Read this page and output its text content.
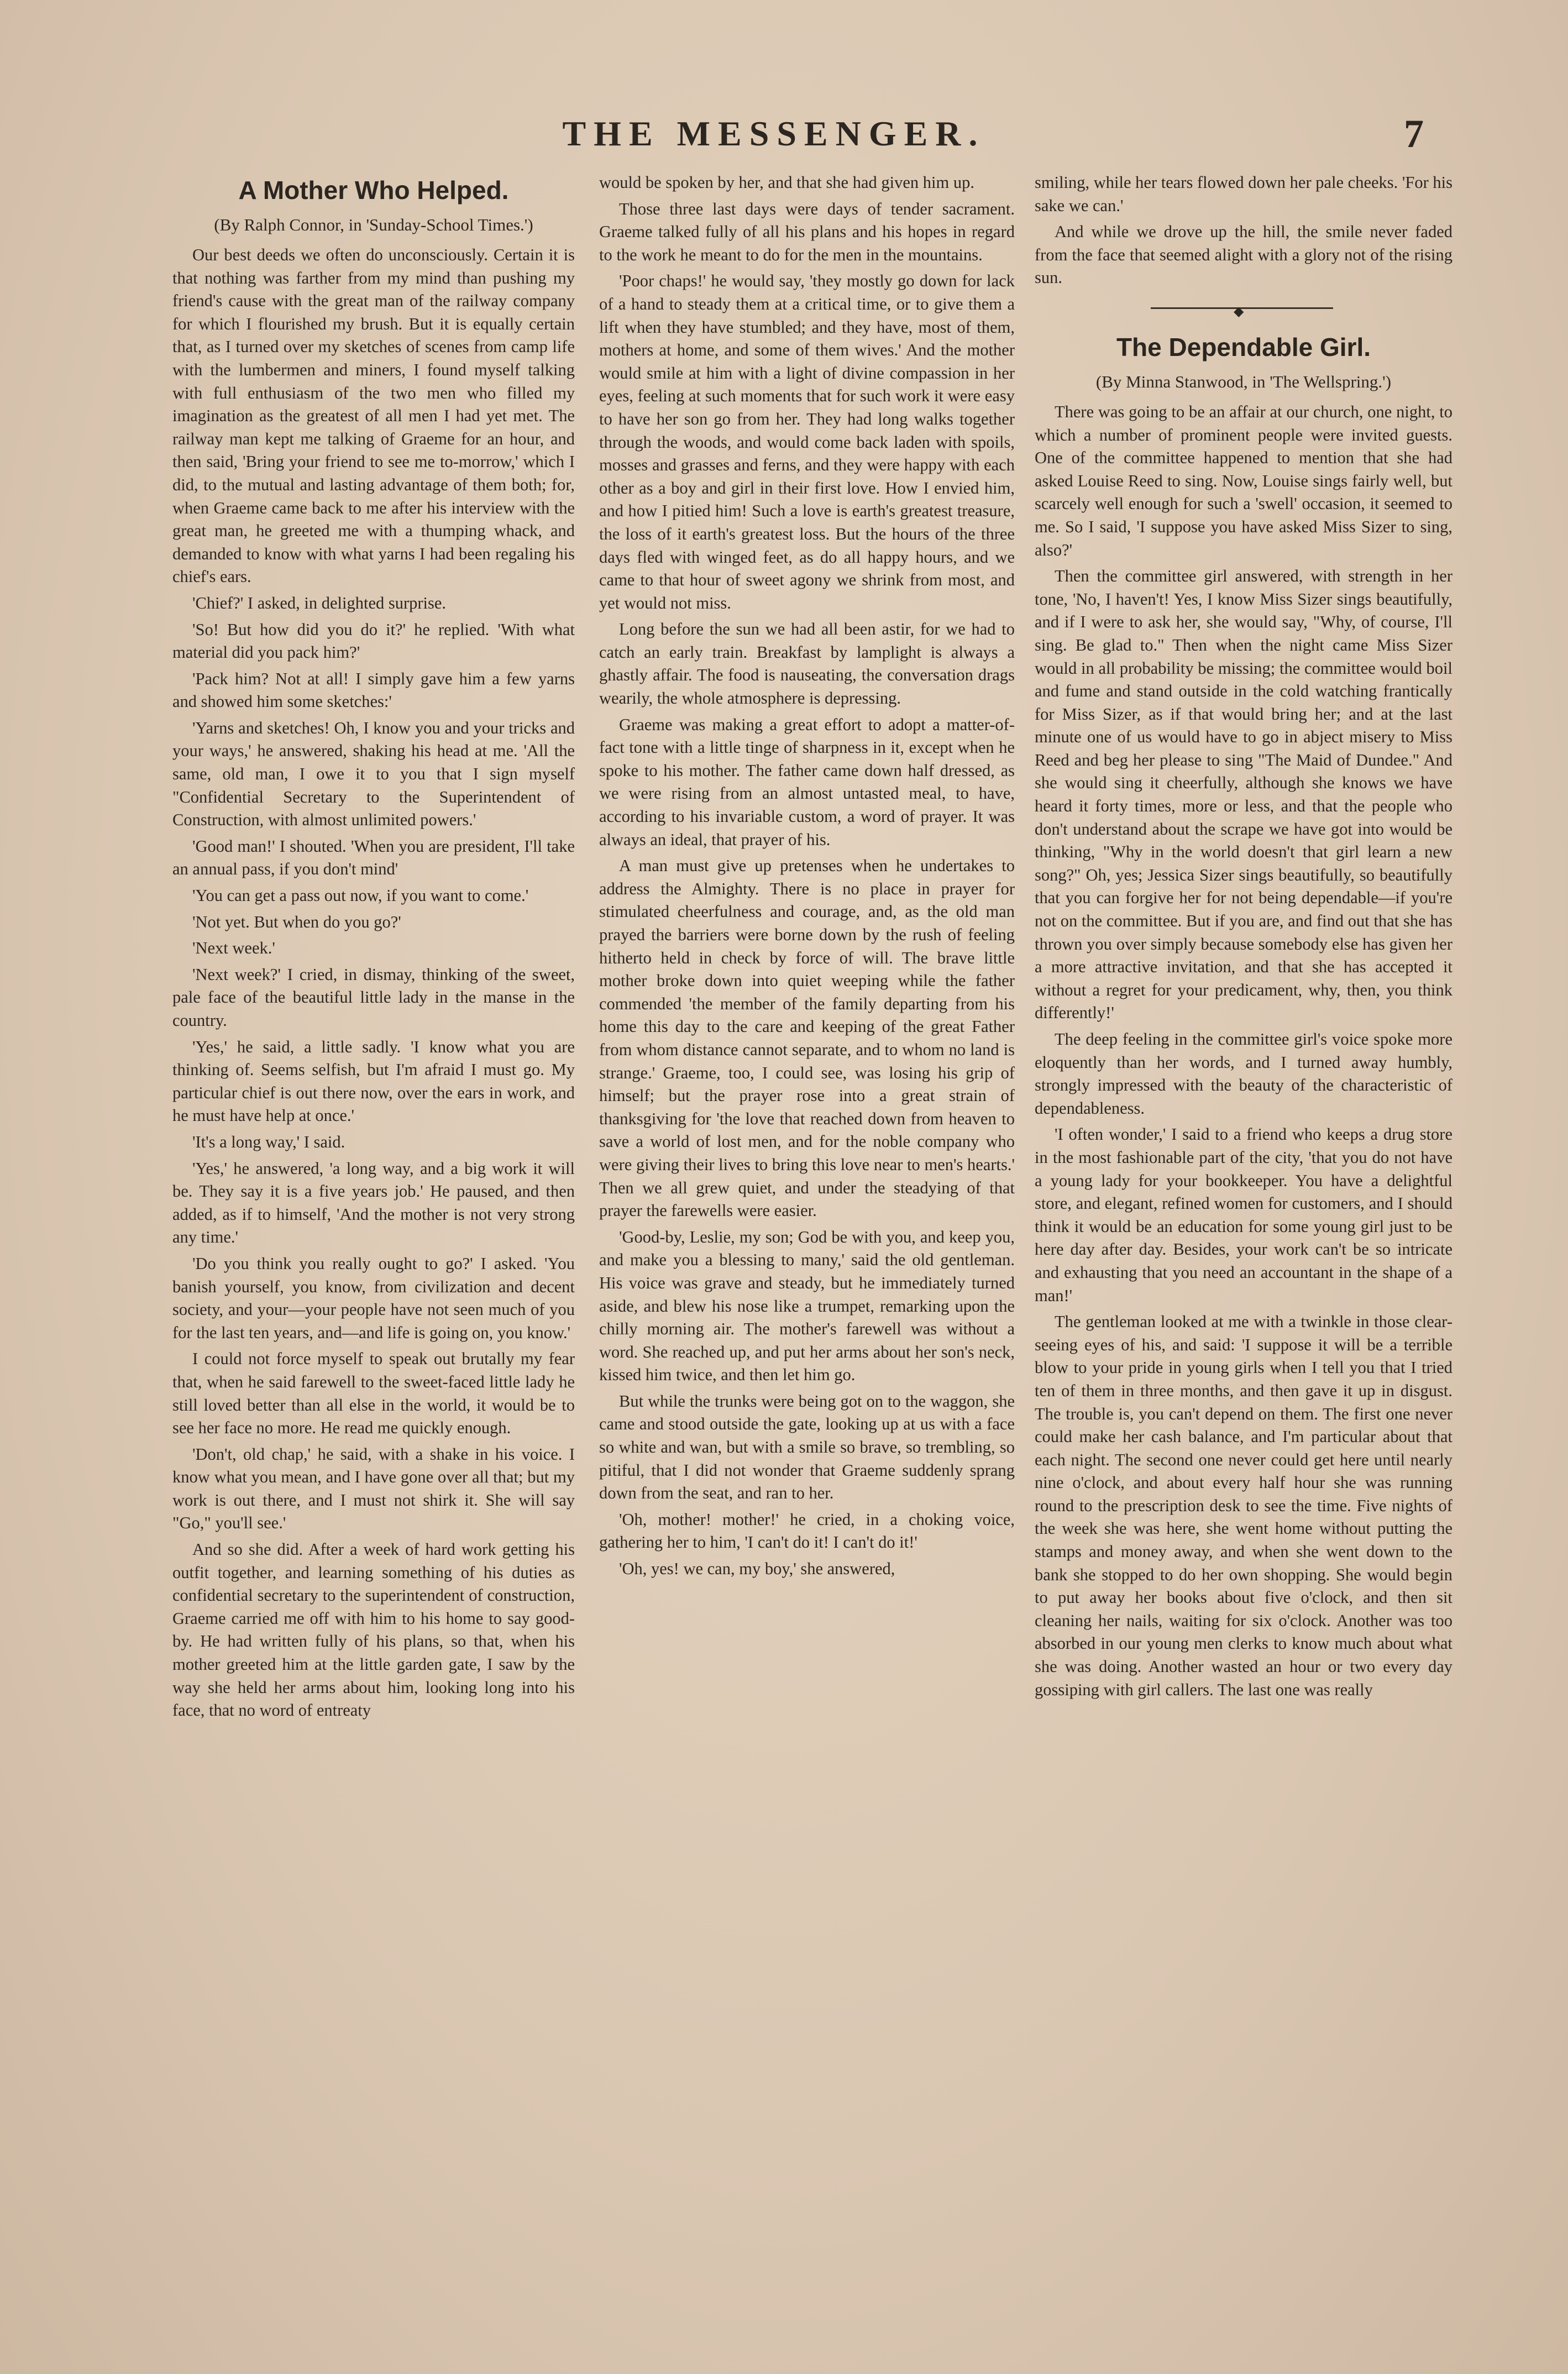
THE MESSENGER.	7
A Mother Who Helped.
(By Ralph Connor, in 'Sunday-School Times.')

Our best deeds we often do unconsciously. Certain it is that nothing was farther from my mind than pushing my friend's cause with the great man of the railway company for which I flourished my brush. But it is equally certain that, as I turned over my sketches of scenes from camp life with the lumbermen and miners, I found myself talking with full enthusiasm of the two men who filled my imagination as the greatest of all men I had yet met. The railway man kept me talking of Graeme for an hour, and then said, 'Bring your friend to see me to-morrow,' which I did, to the mutual and lasting advantage of them both; for, when Graeme came back to me after his interview with the great man, he greeted me with a thumping whack, and demanded to know with what yarns I had been regaling his chief's ears.

'Chief?' I asked, in delighted surprise.

'So! But how did you do it?' he replied. 'With what material did you pack him?'

'Pack him? Not at all! I simply gave him a few yarns and showed him some sketches:'

'Yarns and sketches! Oh, I know you and your tricks and your ways,' he answered, shaking his head at me. 'All the same, old man, I owe it to you that I sign myself "Confidential Secretary to the Superintendent of Construction, with almost unlimited powers.'

'Good man!' I shouted. 'When you are president, I'll take an annual pass, if you don't mind'

'You can get a pass out now, if you want to come.'

'Not yet. But when do you go?'

'Next week.'

'Next week?' I cried, in dismay, thinking of the sweet, pale face of the beautiful little lady in the manse in the country.

'Yes,' he said, a little sadly. 'I know what you are thinking of. Seems selfish, but I'm afraid I must go. My particular chief is out there now, over the ears in work, and he must have help at once.'

'It's a long way,' I said.

'Yes,' he answered, 'a long way, and a big work it will be. They say it is a five years job.' He paused, and then added, as if to himself, 'And the mother is not very strong any time.'

'Do you think you really ought to go?' I asked. 'You banish yourself, you know, from civilization and decent society, and your—your people have not seen much of you for the last ten years, and—and life is going on, you know.'

I could not force myself to speak out brutally my fear that, when he said farewell to the sweet-faced little lady he still loved better than all else in the world, it would be to see her face no more. He read me quickly enough.

'Don't, old chap,' he said, with a shake in his voice. I know what you mean, and I have gone over all that; but my work is out there, and I must not shirk it. She will say "Go," you'll see.'

And so she did. After a week of hard work getting his outfit together, and learning something of his duties as confidential secretary to the superintendent of construction, Graeme carried me off with him to his home to say good-by. He had written fully of his plans, so that, when his mother greeted him at the little garden gate, I saw by the way she held her arms about him, looking long into his face, that no word of entreaty

would be spoken by her, and that she had given him up.

Those three last days were days of tender sacrament. Graeme talked fully of all his plans and his hopes in regard to the work he meant to do for the men in the mountains.

'Poor chaps!' he would say, 'they mostly go down for lack of a hand to steady them at a critical time, or to give them a lift when they have stumbled; and they have, most of them, mothers at home, and some of them wives.' And the mother would smile at him with a light of divine compassion in her eyes, feeling at such moments that for such work it were easy to have her son go from her. They had long walks together through the woods, and would come back laden with spoils, mosses and grasses and ferns, and they were happy with each other as a boy and girl in their first love. How I envied him, and how I pitied him! Such a love is earth's greatest treasure, the loss of it earth's greatest loss. But the hours of the three days fled with winged feet, as do all happy hours, and we came to that hour of sweet agony we shrink from most, and yet would not miss.

Long before the sun we had all been astir, for we had to catch an early train. Breakfast by lamplight is always a ghastly affair. The food is nauseating, the conversation drags wearily, the whole atmosphere is depressing.

Graeme was making a great effort to adopt a matter-of-fact tone with a little tinge of sharpness in it, except when he spoke to his mother. The father came down half dressed, as we were rising from an almost untasted meal, to have, according to his invariable custom, a word of prayer. It was always an ideal, that prayer of his.

A man must give up pretenses when he undertakes to address the Almighty. There is no place in prayer for stimulated cheerfulness and courage, and, as the old man prayed the barriers were borne down by the rush of feeling hitherto held in check by force of will. The brave little mother broke down into quiet weeping while the father commended 'the member of the family departing from his home this day to the care and keeping of the great Father from whom distance cannot separate, and to whom no land is strange.' Graeme, too, I could see, was losing his grip of himself; but the prayer rose into a great strain of thanksgiving for 'the love that reached down from heaven to save a world of lost men, and for the noble company who were giving their lives to bring this love near to men's hearts.' Then we all grew quiet, and under the steadying of that prayer the farewells were easier.

'Good-by, Leslie, my son; God be with you, and keep you, and make you a blessing to many,' said the old gentleman. His voice was grave and steady, but he immediately turned aside, and blew his nose like a trumpet, remarking upon the chilly morning air. The mother's farewell was without a word. She reached up, and put her arms about her son's neck, kissed him twice, and then let him go.

But while the trunks were being got on to the waggon, she came and stood outside the gate, looking up at us with a face so white and wan, but with a smile so brave, so trembling, so pitiful, that I did not wonder that Graeme suddenly sprang down from the seat, and ran to her.

'Oh, mother! mother!' he cried, in a choking voice, gathering her to him, 'I can't do it! I can't do it!'

'Oh, yes! we can, my boy,' she answered,

smiling, while her tears flowed down her pale cheeks. 'For his sake we can.'

And while we drove up the hill, the smile never faded from the face that seemed alight with a glory not of the rising sun.

◆
The Dependable Girl.
(By Minna Stanwood, in 'The Wellspring.')

There was going to be an affair at our church, one night, to which a number of prominent people were invited guests. One of the committee happened to mention that she had asked Louise Reed to sing. Now, Louise sings fairly well, but scarcely well enough for such a 'swell' occasion, it seemed to me. So I said, 'I suppose you have asked Miss Sizer to sing, also?'

Then the committee girl answered, with strength in her tone, 'No, I haven't! Yes, I know Miss Sizer sings beautifully, and if I were to ask her, she would say, "Why, of course, I'll sing. Be glad to." Then when the night came Miss Sizer would in all probability be missing; the committee would boil and fume and stand outside in the cold watching frantically for Miss Sizer, as if that would bring her; and at the last minute one of us would have to go in abject misery to Miss Reed and beg her please to sing "The Maid of Dundee." And she would sing it cheerfully, although she knows we have heard it forty times, more or less, and that the people who don't understand about the scrape we have got into would be thinking, "Why in the world doesn't that girl learn a new song?" Oh, yes; Jessica Sizer sings beautifully, so beautifully that you can forgive her for not being dependable—if you're not on the committee. But if you are, and find out that she has thrown you over simply because somebody else has given her a more attractive invitation, and that she has accepted it without a regret for your predicament, why, then, you think differently!'

The deep feeling in the committee girl's voice spoke more eloquently than her words, and I turned away humbly, strongly impressed with the beauty of the characteristic of dependableness.

'I often wonder,' I said to a friend who keeps a drug store in the most fashionable part of the city, 'that you do not have a young lady for your bookkeeper. You have a delightful store, and elegant, refined women for customers, and I should think it would be an education for some young girl just to be here day after day. Besides, your work can't be so intricate and exhausting that you need an accountant in the shape of a man!'

The gentleman looked at me with a twinkle in those clear-seeing eyes of his, and said: 'I suppose it will be a terrible blow to your pride in young girls when I tell you that I tried ten of them in three months, and then gave it up in disgust. The trouble is, you can't depend on them. The first one never could make her cash balance, and I'm particular about that each night. The second one never could get here until nearly nine o'clock, and about every half hour she was running round to the prescription desk to see the time. Five nights of the week she was here, she went home without putting the stamps and money away, and when she went down to the bank she stopped to do her own shopping. She would begin to put away her books about five o'clock, and then sit cleaning her nails, waiting for six o'clock. Another was too absorbed in our young men clerks to know much about what she was doing. Another wasted an hour or two every day gossiping with girl callers. The last one was really
